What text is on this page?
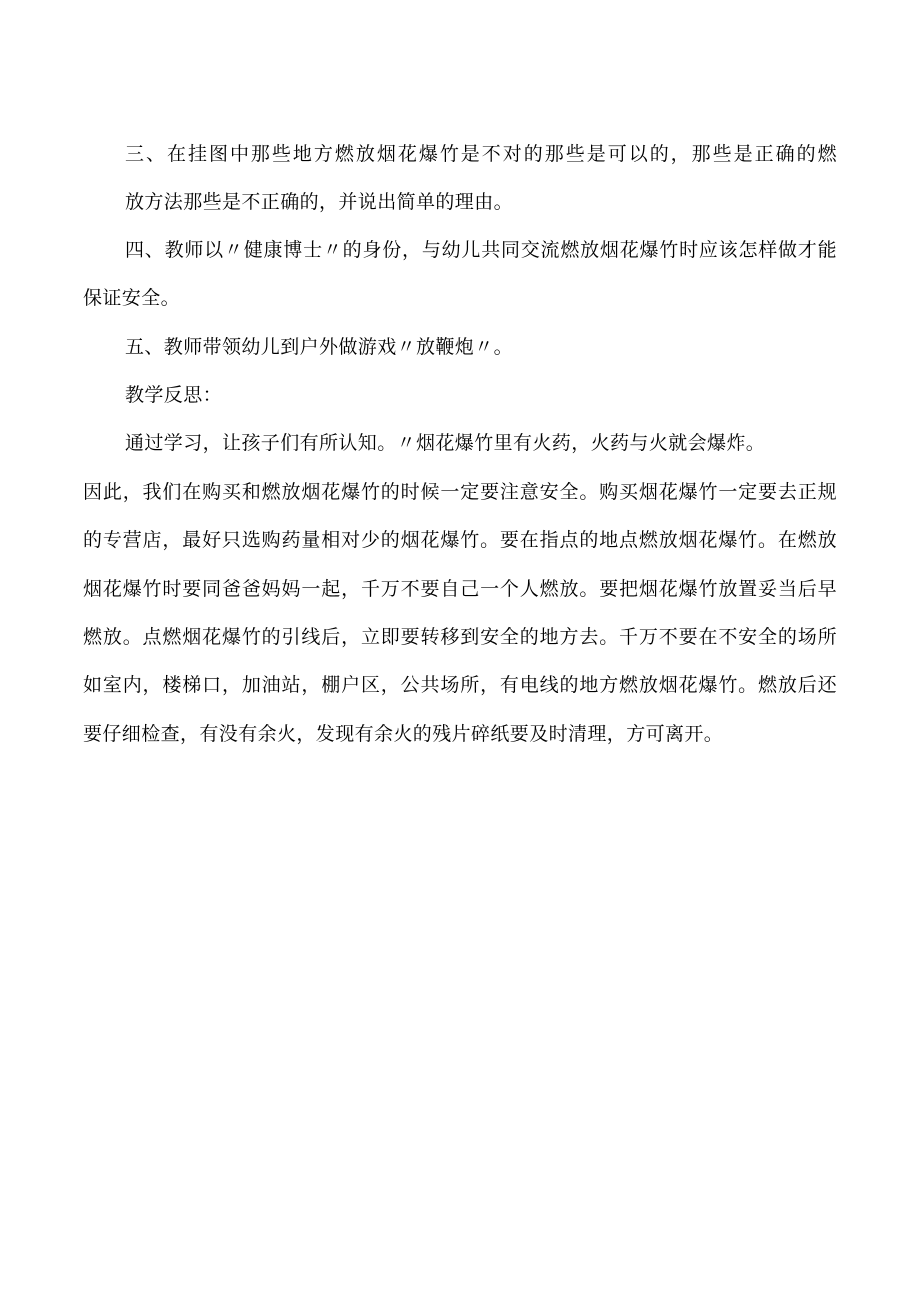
三、在挂图中那些地方燃放烟花爆竹是不对的那些是可以的，那些是正确的燃
放方法那些是不正确的，并说出简单的理由。
四、教师以〃健康博士〃的身份，与幼儿共同交流燃放烟花爆竹时应该怎样做才能
保证安全。
五、教师带领幼儿到户外做游戏〃放鞭炮〃。
教学反思：
通过学习，让孩子们有所认知。〃烟花爆竹里有火药，火药与火就会爆炸。
因此，我们在购买和燃放烟花爆竹的时候一定要注意安全。购买烟花爆竹一定要去正规
的专营店，最好只选购药量相对少的烟花爆竹。要在指点的地点燃放烟花爆竹。在燃放
烟花爆竹时要同爸爸妈妈一起，千万不要自己一个人燃放。要把烟花爆竹放置妥当后早
燃放。点燃烟花爆竹的引线后，立即要转移到安全的地方去。千万不要在不安全的场所
如室内，楼梯口，加油站，棚户区，公共场所，有电线的地方燃放烟花爆竹。燃放后还
要仔细检查，有没有余火，发现有余火的残片碎纸要及时清理，方可离开。
